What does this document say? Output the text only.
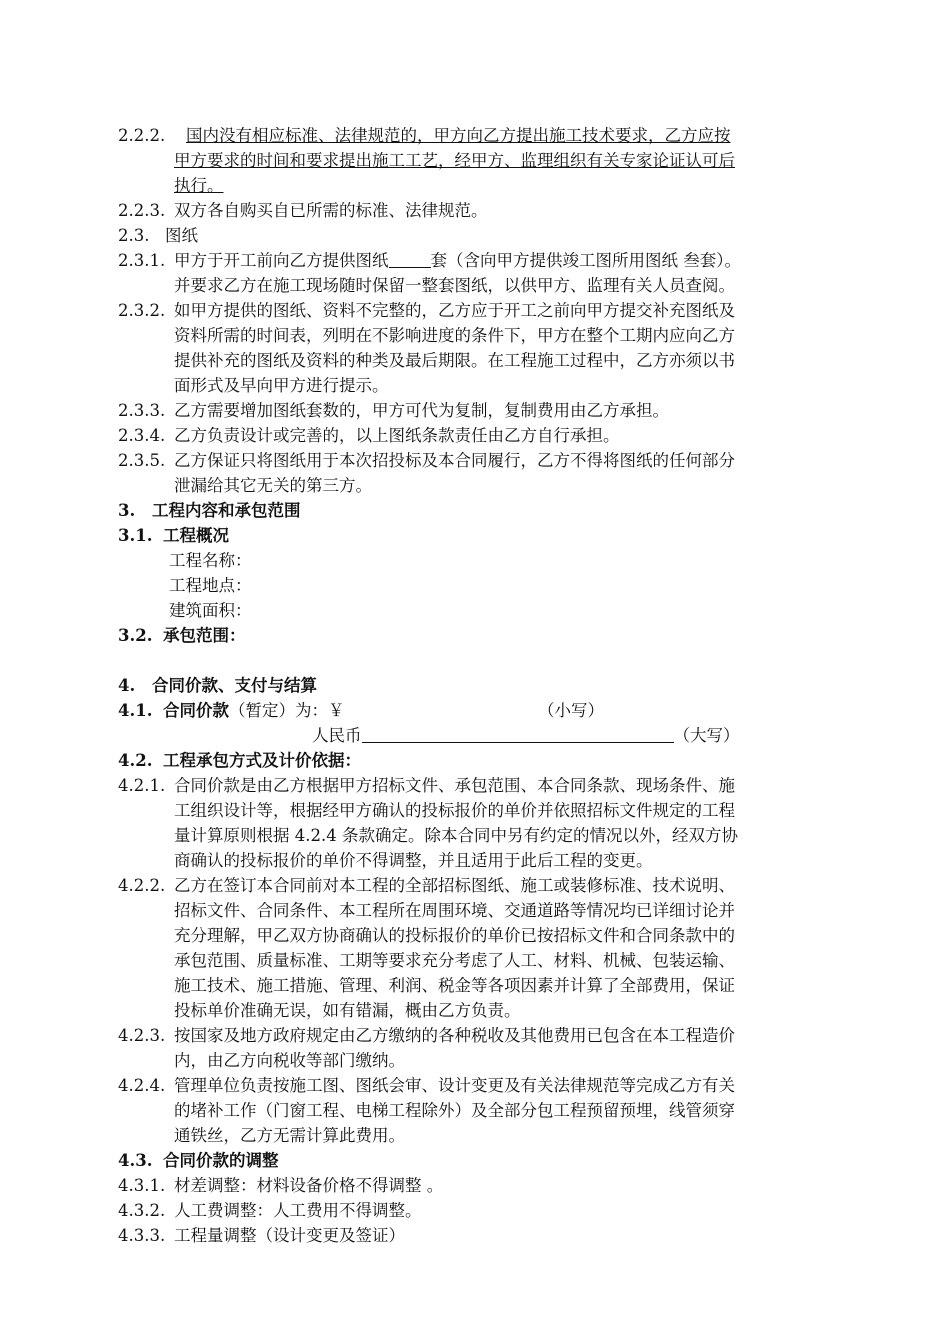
2.2.2. 国内没有相应标准、法律规范的，甲方向乙方提出施工技术要求，乙方应按
甲方要求的时间和要求提出施工工艺，经甲方、监理组织有关专家论证认可后
执行。
2.2.3. 双方各自购买自已所需的标准、法律规范。
2.3. 图纸
2.3.1. 甲方于开工前向乙方提供图纸	套（含向甲方提供竣工图所用图纸 叁套）。
并要求乙方在施工现场随时保留一整套图纸，以供甲方、监理有关人员查阅。
2.3.2. 如甲方提供的图纸、资料不完整的，乙方应于开工之前向甲方提交补充图纸及
资料所需的时间表，列明在不影响进度的条件下，甲方在整个工期内应向乙方
提供补充的图纸及资料的种类及最后期限。在工程施工过程中，乙方亦须以书
面形式及早向甲方进行提示。
2.3.3. 乙方需要增加图纸套数的，甲方可代为复制，复制费用由乙方承担。
2.3.4. 乙方负责设计或完善的，以上图纸条款责任由乙方自行承担。
2.3.5. 乙方保证只将图纸用于本次招投标及本合同履行，乙方不得将图纸的任何部分
泄漏给其它无关的第三方。
3. 工程内容和承包范围
3.1. 工程概况
工程名称：
工程地点：
建筑面积：
3.2. 承包范围：
4. 合同价款、支付与结算
4.1. 合同价款（暂定）为：￥	（小写）
人民币	（大写）
4.2. 工程承包方式及计价依据：
4.2.1. 合同价款是由乙方根据甲方招标文件、承包范围、本合同条款、现场条件、施
工组织设计等，根据经甲方确认的投标报价的单价并依照招标文件规定的工程
量计算原则根据 4.2.4 条款确定。除本合同中另有约定的情况以外，经双方协
商确认的投标报价的单价不得调整，并且适用于此后工程的变更。
4.2.2. 乙方在签订本合同前对本工程的全部招标图纸、施工或装修标准、技术说明、
招标文件、合同条件、本工程所在周围环境、交通道路等情况均已详细讨论并
充分理解，甲乙双方协商确认的投标报价的单价已按招标文件和合同条款中的
承包范围、质量标准、工期等要求充分考虑了人工、材料、机械、包装运输、
施工技术、施工措施、管理、利润、税金等各项因素并计算了全部费用，保证
投标单价准确无误，如有错漏，概由乙方负责。
4.2.3. 按国家及地方政府规定由乙方缴纳的各种税收及其他费用已包含在本工程造价
内，由乙方向税收等部门缴纳。
4.2.4. 管理单位负责按施工图、图纸会审、设计变更及有关法律规范等完成乙方有关
的堵补工作（门窗工程、电梯工程除外）及全部分包工程预留预埋，线管须穿
通铁丝，乙方无需计算此费用。
4.3. 合同价款的调整
4.3.1. 材差调整：材料设备价格不得调整 。
4.3.2. 人工费调整：人工费用不得调整。
4.3.3. 工程量调整（设计变更及签证）
